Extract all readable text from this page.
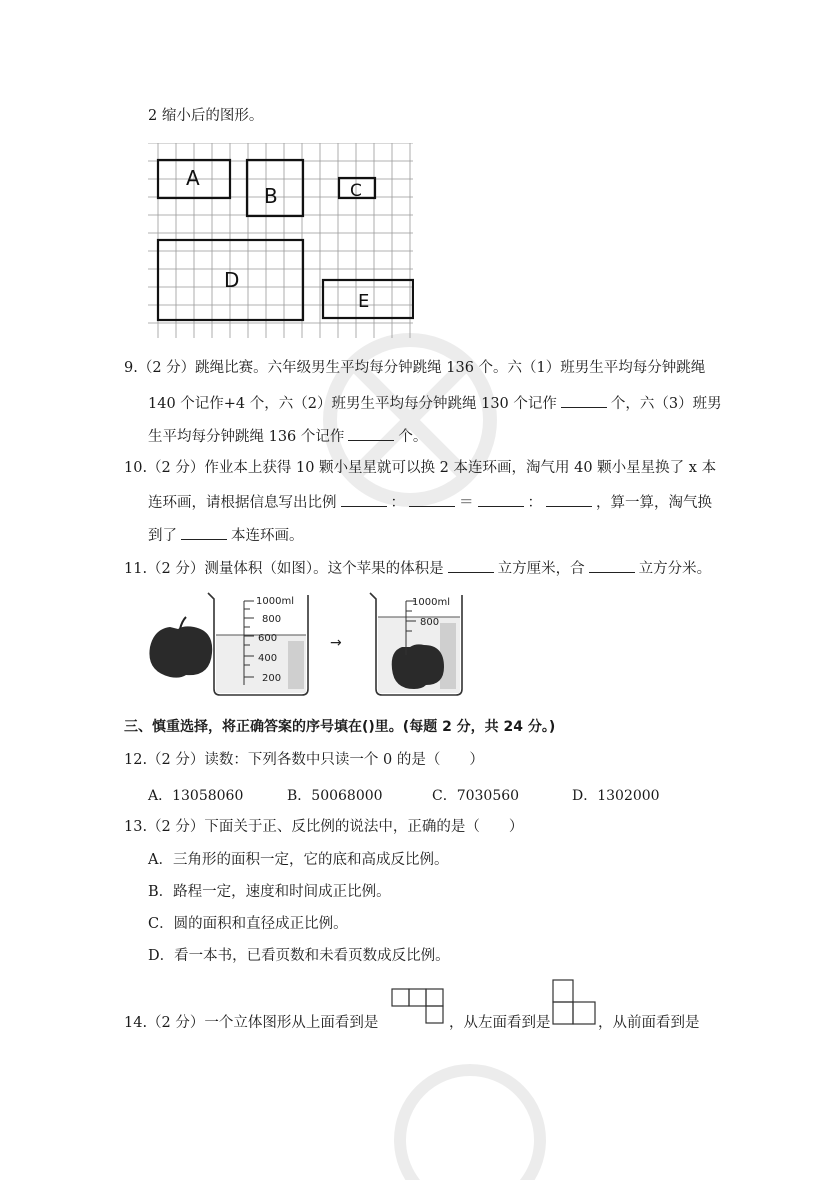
2 缩小后的图形。
A
B	C
D
E
9.（2 分）跳绳比赛。六年级男生平均每分钟跳绳 136 个。六（1）班男生平均每分钟跳绳
140 个记作+4 个，六（2）班男生平均每分钟跳绳 130 个记作	个，六（3）班男
生平均每分钟跳绳 136 个记作	个。
10.（2 分）作业本上获得 10 颗小星星就可以换 2 本连环画，淘气用 40 颗小星星换了 x 本
连环画，请根据信息写出比例	：	＝	：	，算一算，淘气换
到了	本连环画。
11.（2 分）测量体积（如图）。这个苹果的体积是	立方厘米，合	立方分米。
1000ml
800
600
400
200
→
1000ml
800
三、慎重选择，将正确答案的序号填在()里。(每题 2 分，共 24 分。)
12.（2 分）读数：下列各数中只读一个 0 的是（　　）
A．13058060	B．50068000	C．7030560	D．1302000
13.（2 分）下面关于正、反比例的说法中，正确的是（　　）
A．三角形的面积一定，它的底和高成反比例。
B．路程一定，速度和时间成正比例。
C．圆的面积和直径成正比例。
D．看一本书，已看页数和未看页数成反比例。
14.（2 分）一个立体图形从上面看到是	，从左面看到是	，从前面看到是
